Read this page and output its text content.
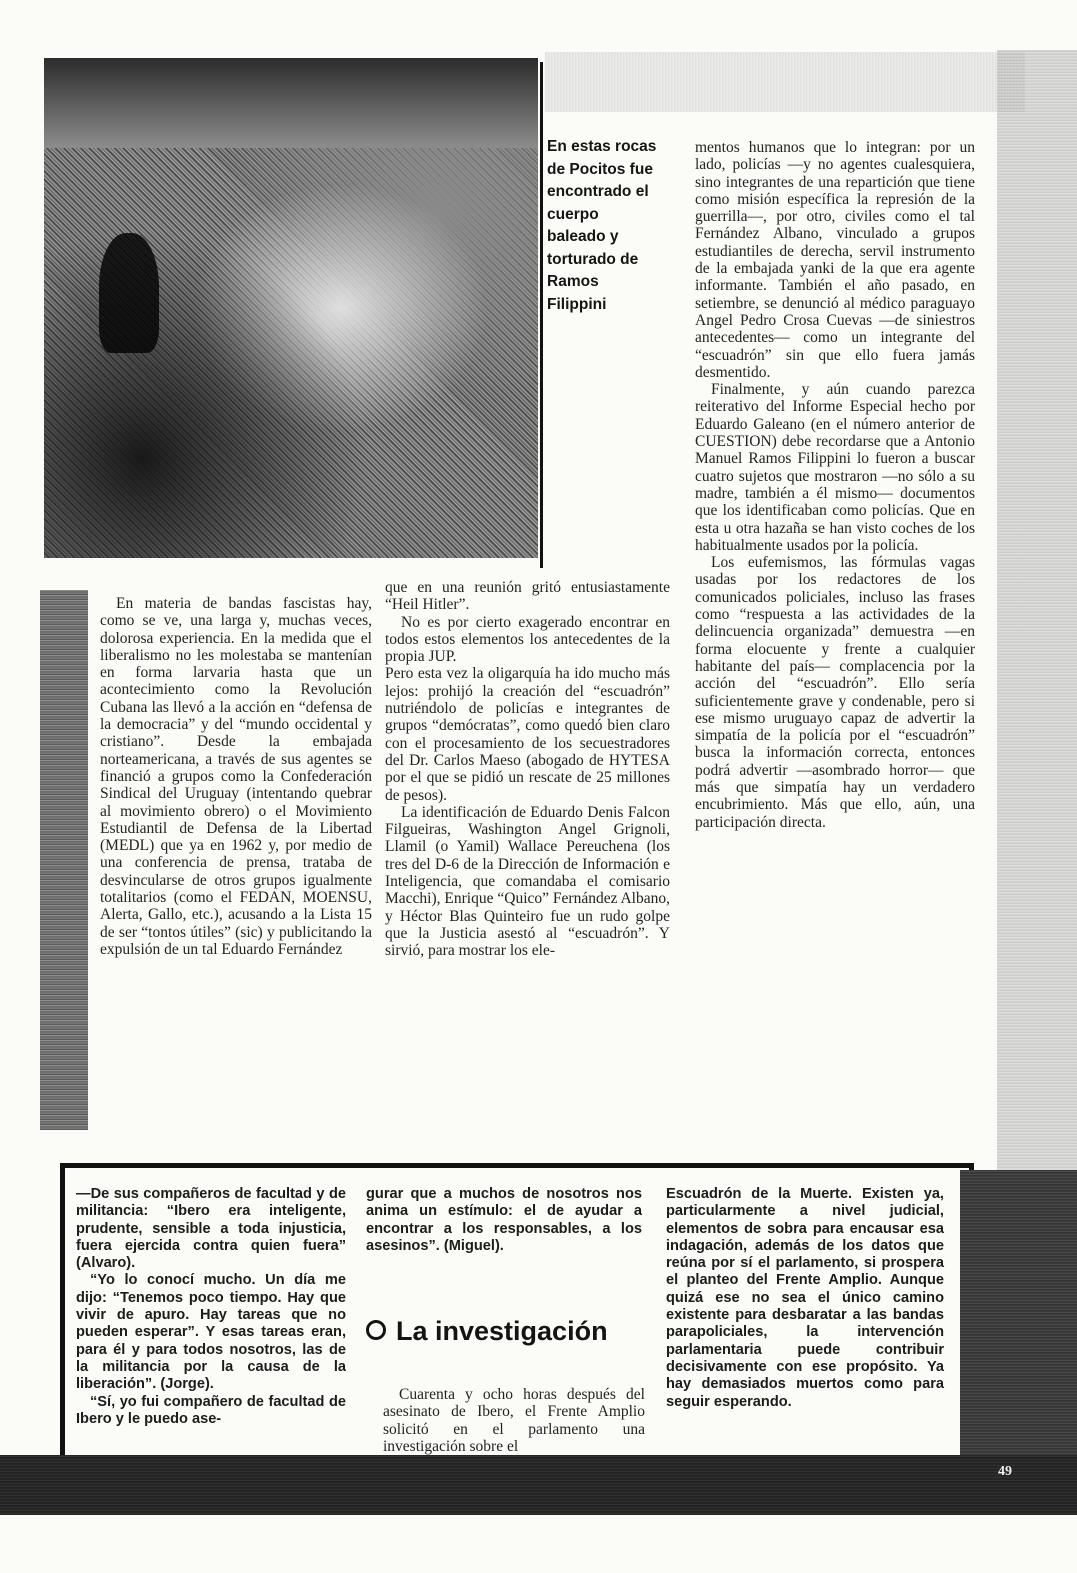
En estas rocas de Pocitos fue encontrado el cuerpo baleado y torturado de Ramos Filippini

En materia de bandas fascistas hay, como se ve, una larga y, muchas veces, dolorosa experiencia. En la medida que el liberalismo no les molestaba se mantenían en forma larvaria hasta que un acontecimiento como la Revolución Cubana las llevó a la acción en “defensa de la democracia” y del “mundo occidental y cristiano”. Desde la embajada norteamericana, a través de sus agentes se financió a grupos como la Confederación Sindical del Uruguay (intentando quebrar al movimiento obrero) o el Movimiento Estudiantil de Defensa de la Libertad (MEDL) que ya en 1962 y, por medio de una conferencia de prensa, trataba de desvincularse de otros grupos igualmente totalitarios (como el FEDAN, MOENSU, Alerta, Gallo, etc.), acusando a la Lista 15 de ser “tontos útiles” (sic) y publicitando la expulsión de un tal Eduardo Fernández

que en una reunión gritó entusiastamente “Heil Hitler”.

No es por cierto exagerado encontrar en todos estos elementos los antecedentes de la propia JUP.

Pero esta vez la oligarquía ha ido mucho más lejos: prohijó la creación del “escuadrón” nutriéndolo de policías e integrantes de grupos “demócratas”, como quedó bien claro con el procesamiento de los secuestradores del Dr. Carlos Maeso (abogado de HYTESA por el que se pidió un rescate de 25 millones de pesos).

La identificación de Eduardo Denis Falcon Filgueiras, Washington Angel Grignoli, Llamil (o Yamil) Wallace Pereuchena (los tres del D-6 de la Dirección de Información e Inteligencia, que comandaba el comisario Macchi), Enrique “Quico” Fernández Albano, y Héctor Blas Quinteiro fue un rudo golpe que la Justicia asestó al “escuadrón”. Y sirvió, para mostrar los ele-

mentos humanos que lo integran: por un lado, policías —y no agentes cualesquiera, sino integrantes de una repartición que tiene como misión específica la represión de la guerrilla—, por otro, civiles como el tal Fernández Albano, vinculado a grupos estudiantiles de derecha, servil instrumento de la embajada yanki de la que era agente informante. También el año pasado, en setiembre, se denunció al médico paraguayo Angel Pedro Crosa Cuevas —de siniestros antecedentes— como un integrante del “escuadrón” sin que ello fuera jamás desmentido.

Finalmente, y aún cuando parezca reiterativo del Informe Especial hecho por Eduardo Galeano (en el número anterior de CUESTION) debe recordarse que a Antonio Manuel Ramos Filippini lo fueron a buscar cuatro sujetos que mostraron —no sólo a su madre, también a él mismo— documentos que los identificaban como policías. Que en esta u otra hazaña se han visto coches de los habitualmente usados por la policía.

Los eufemismos, las fórmulas vagas usadas por los redactores de los comunicados policiales, incluso las frases como “respuesta a las actividades de la delincuencia organizada” demuestra —en forma elocuente y frente a cualquier habitante del país— complacencia por la acción del “escuadrón”. Ello sería suficientemente grave y condenable, pero si ese mismo uruguayo capaz de advertir la simpatía de la policía por el “escuadrón” busca la información correcta, entonces podrá advertir —asombrado horror— que más que simpatía hay un verdadero encubrimiento. Más que ello, aún, una participación directa.

—De sus compañeros de facultad y de militancia: “Ibero era inteligente, prudente, sensible a toda injusticia, fuera ejercida contra quien fuera” (Alvaro).

“Yo lo conocí mucho. Un día me dijo: “Tenemos poco tiempo. Hay que vivir de apuro. Hay tareas que no pueden esperar”. Y esas tareas eran, para él y para todos nosotros, las de la militancia por la causa de la liberación”. (Jorge).

“Sí, yo fui compañero de facultad de Ibero y le puedo ase-

gurar que a muchos de nosotros nos anima un estímulo: el de ayudar a encontrar a los responsables, a los asesinos”. (Miguel).

La investigación

Cuarenta y ocho horas después del asesinato de Ibero, el Frente Amplio solicitó en el parlamento una investigación sobre el

Escuadrón de la Muerte. Existen ya, particularmente a nivel judicial, elementos de sobra para encausar esa indagación, además de los datos que reúna por sí el parlamento, si prospera el planteo del Frente Amplio. Aunque quizá ese no sea el único camino existente para desbaratar a las bandas parapoliciales, la intervención parlamentaria puede contribuir decisivamente con ese propósito. Ya hay demasiados muertos como para seguir esperando.

49
